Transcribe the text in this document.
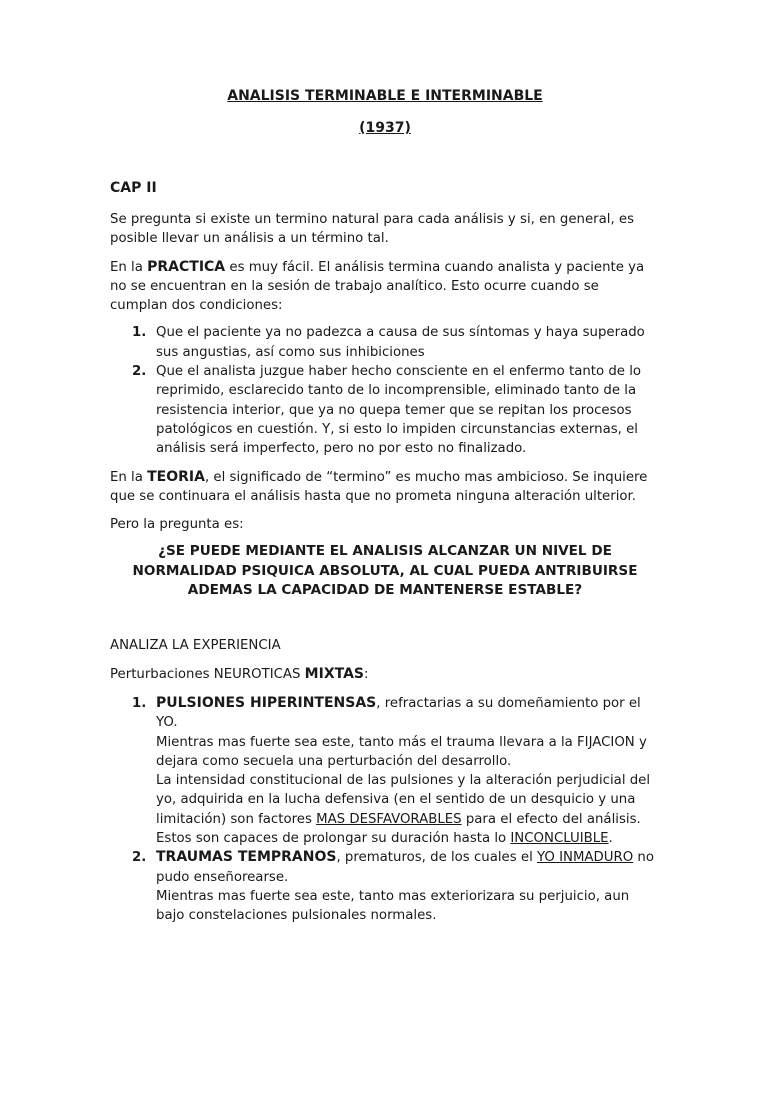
ANALISIS TERMINABLE E INTERMINABLE
(1937)
CAP II

Se pregunta si existe un termino natural para cada análisis y si, en general, es posible llevar un análisis a un término tal.

En la PRACTICA es muy fácil. El análisis termina cuando analista y paciente ya no se encuentran en la sesión de trabajo analítico. Esto ocurre cuando se cumplan dos condiciones:

1. Que el paciente ya no padezca a causa de sus síntomas y haya superado sus angustias, así como sus inhibiciones
2. Que el analista juzgue haber hecho consciente en el enfermo tanto de lo reprimido, esclarecido tanto de lo incomprensible, eliminado tanto de la resistencia interior, que ya no quepa temer que se repitan los procesos patológicos en cuestión. Y, si esto lo impiden circunstancias externas, el análisis será imperfecto, pero no por esto no finalizado.

En la TEORIA, el significado de “termino” es mucho mas ambicioso. Se inquiere que se continuara el análisis hasta que no prometa ninguna alteración ulterior.

Pero la pregunta es:

¿SE PUEDE MEDIANTE EL ANALISIS ALCANZAR UN NIVEL DE NORMALIDAD PSIQUICA ABSOLUTA, AL CUAL PUEDA ANTRIBUIRSE ADEMAS LA CAPACIDAD DE MANTENERSE ESTABLE?

ANALIZA LA EXPERIENCIA

Perturbaciones NEUROTICAS MIXTAS:

1. PULSIONES HIPERINTENSAS, refractarias a su domeñamiento por el YO.
Mientras mas fuerte sea este, tanto más el trauma llevara a la FIJACION y dejara como secuela una perturbación del desarrollo.
La intensidad constitucional de las pulsiones y la alteración perjudicial del yo, adquirida en la lucha defensiva (en el sentido de un desquicio y una limitación) son factores MAS DESFAVORABLES para el efecto del análisis. Estos son capaces de prolongar su duración hasta lo INCONCLUIBLE.
2. TRAUMAS TEMPRANOS, prematuros, de los cuales el YO INMADURO no pudo enseñorearse.
Mientras mas fuerte sea este, tanto mas exteriorizara su perjuicio, aun bajo constelaciones pulsionales normales.
